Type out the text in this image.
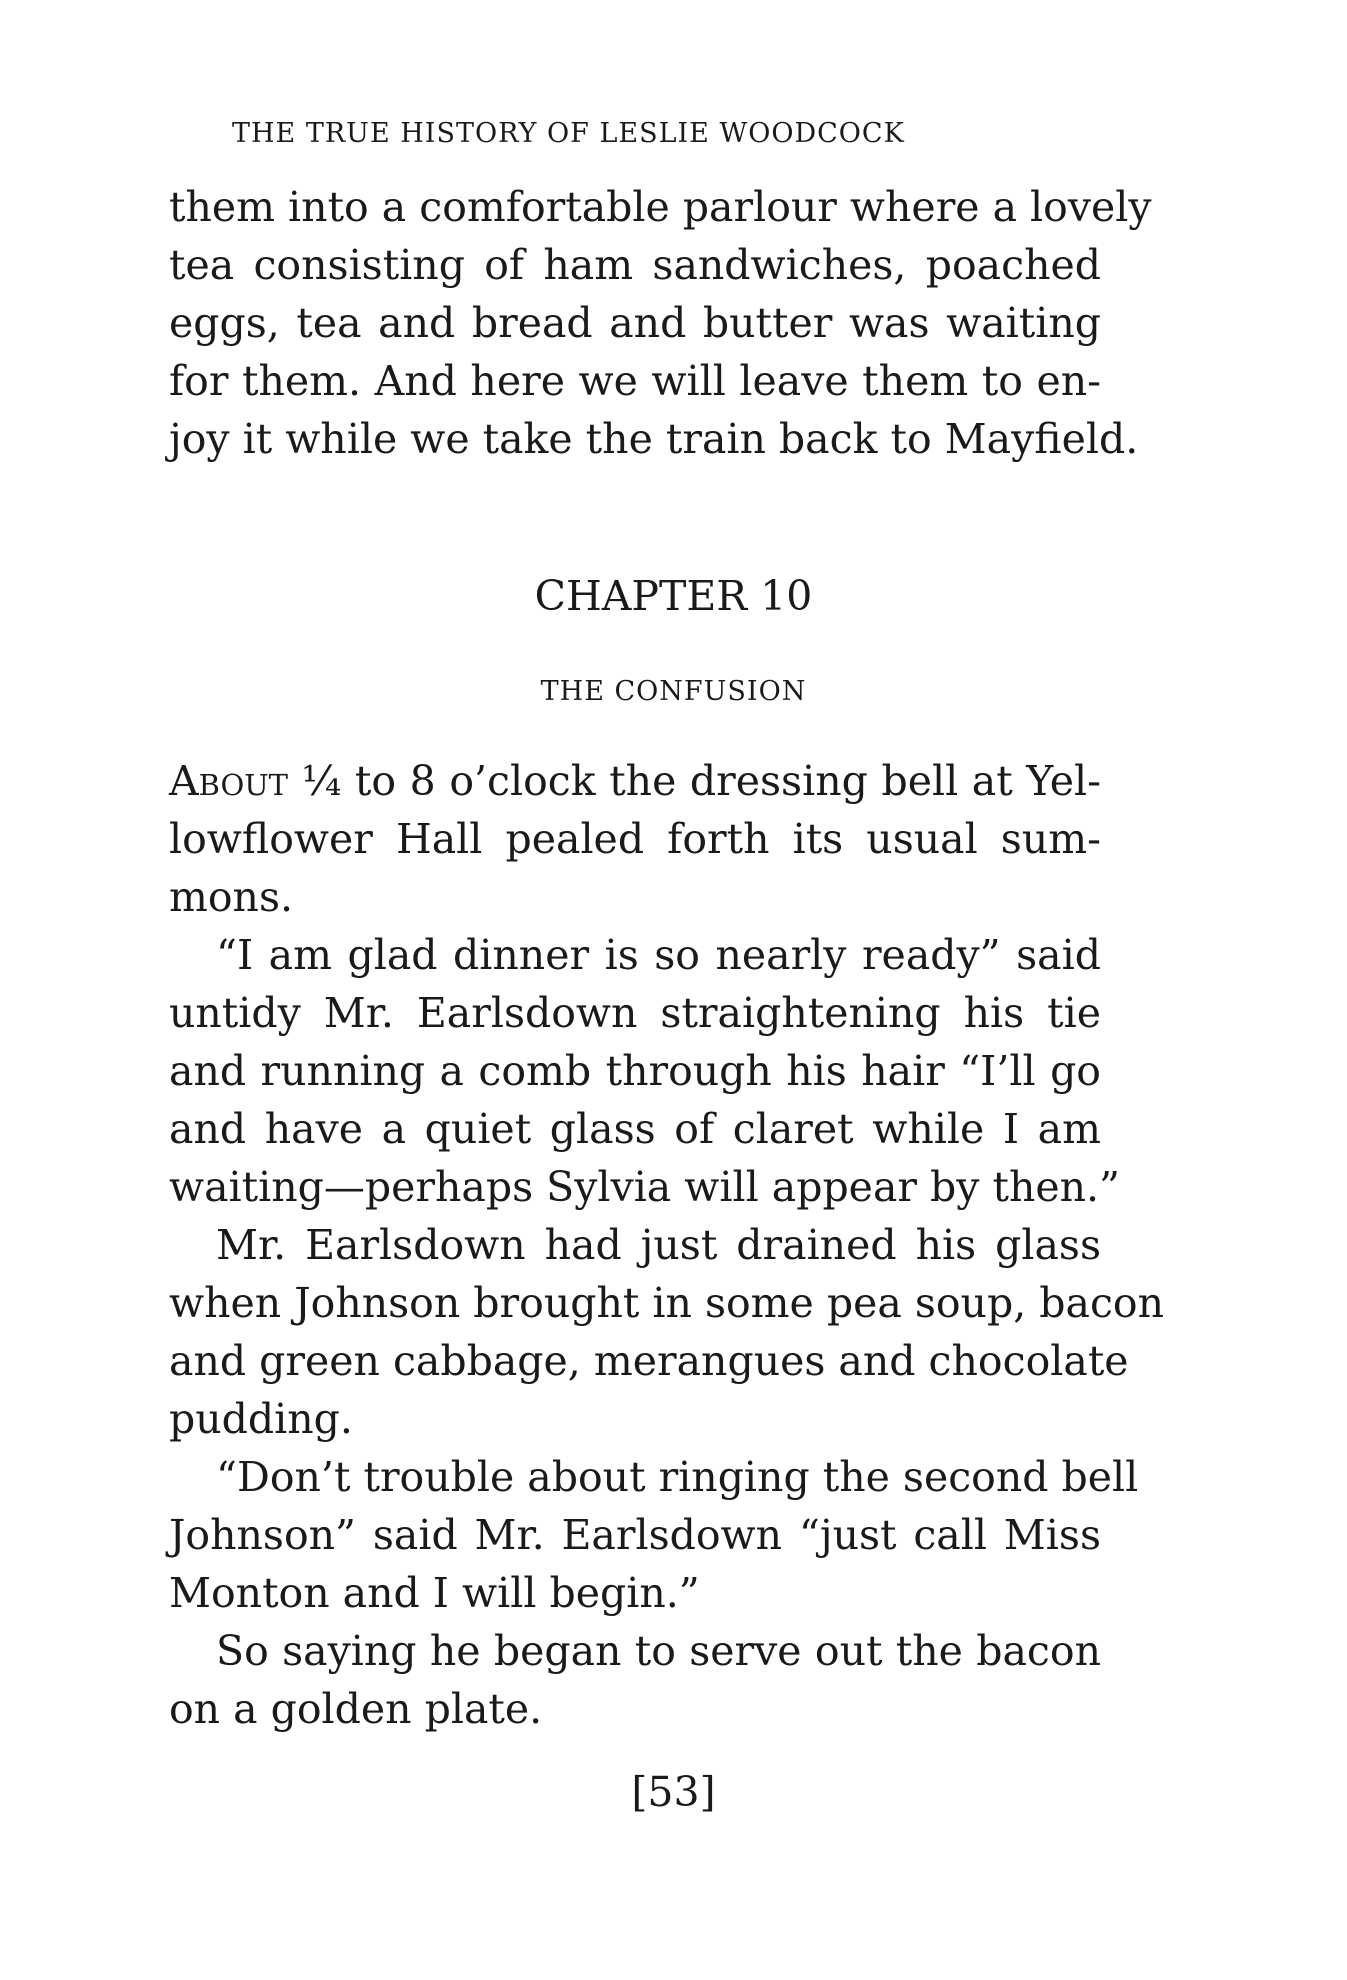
THE TRUE HISTORY OF LESLIE WOODCOCK
them into a comfortable parlour where a lovely
tea consisting of ham sandwiches, poached
eggs, tea and bread and butter was waiting
for them. And here we will leave them to en-
joy it while we take the train back to Mayfield.
CHAPTER 10
THE CONFUSION
About ¼ to 8 o’clock the dressing bell at Yel-
lowflower Hall pealed forth its usual sum-
mons.
“I am glad dinner is so nearly ready” said
untidy Mr. Earlsdown straightening his tie
and running a comb through his hair “I’ll go
and have a quiet glass of claret while I am
waiting—perhaps Sylvia will appear by then.”
Mr. Earlsdown had just drained his glass
when Johnson brought in some pea soup, bacon
and green cabbage, merangues and chocolate
pudding.
“Don’t trouble about ringing the second bell
Johnson” said Mr. Earlsdown “just call Miss
Monton and I will begin.”
So saying he began to serve out the bacon
on a golden plate.
[53]
